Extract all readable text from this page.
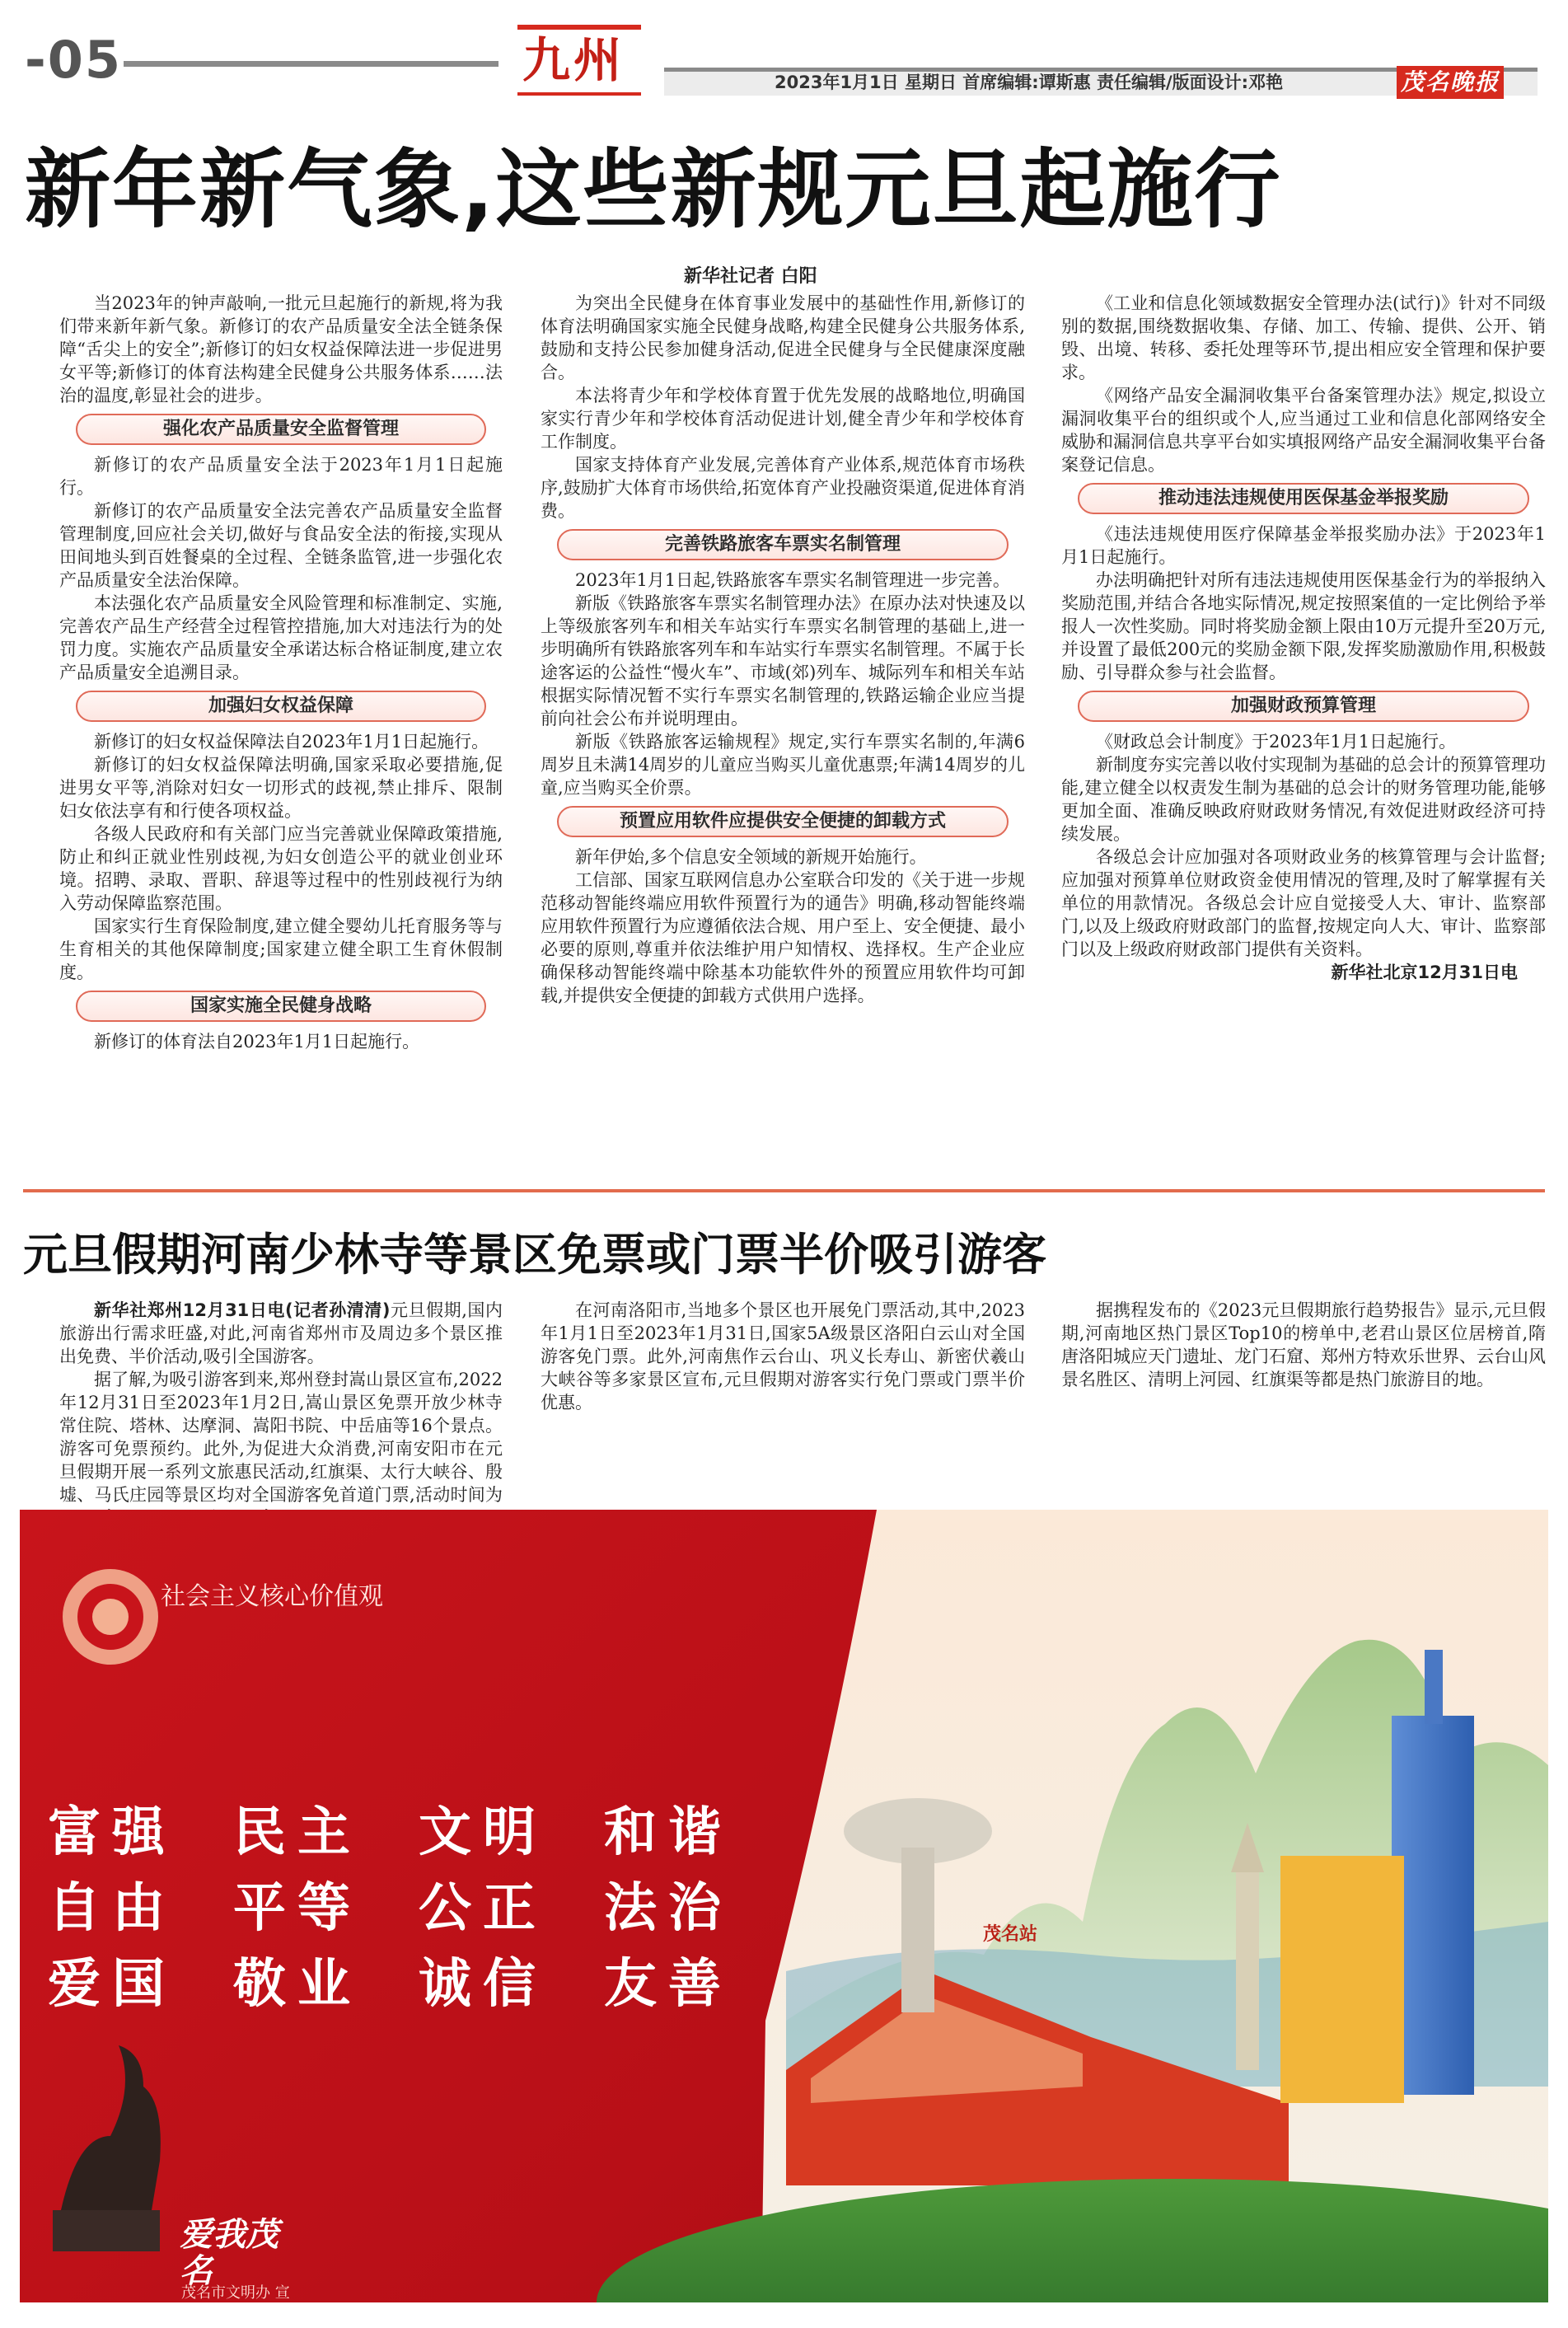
-05	九州	2023年1月1日 星期日 首席编辑:谭斯惠 责任编辑/版面设计:邓艳	茂名晚报
新年新气象,这些新规元旦起施行
新华社记者 白阳

当2023年的钟声敲响,一批元旦起施行的新规,将为我们带来新年新气象。新修订的农产品质量安全法全链条保障“舌尖上的安全”;新修订的妇女权益保障法进一步促进男女平等;新修订的体育法构建全民健身公共服务体系……法治的温度,彰显社会的进步。

强化农产品质量安全监督管理

新修订的农产品质量安全法于2023年1月1日起施行。

新修订的农产品质量安全法完善农产品质量安全监督管理制度,回应社会关切,做好与食品安全法的衔接,实现从田间地头到百姓餐桌的全过程、全链条监管,进一步强化农产品质量安全法治保障。

本法强化农产品质量安全风险管理和标准制定、实施,完善农产品生产经营全过程管控措施,加大对违法行为的处罚力度。实施农产品质量安全承诺达标合格证制度,建立农产品质量安全追溯目录。

加强妇女权益保障

新修订的妇女权益保障法自2023年1月1日起施行。

新修订的妇女权益保障法明确,国家采取必要措施,促进男女平等,消除对妇女一切形式的歧视,禁止排斥、限制妇女依法享有和行使各项权益。

各级人民政府和有关部门应当完善就业保障政策措施,防止和纠正就业性别歧视,为妇女创造公平的就业创业环境。招聘、录取、晋职、辞退等过程中的性别歧视行为纳入劳动保障监察范围。

国家实行生育保险制度,建立健全婴幼儿托育服务等与生育相关的其他保障制度;国家建立健全职工生育休假制度。

国家实施全民健身战略

新修订的体育法自2023年1月1日起施行。

为突出全民健身在体育事业发展中的基础性作用,新修订的体育法明确国家实施全民健身战略,构建全民健身公共服务体系,鼓励和支持公民参加健身活动,促进全民健身与全民健康深度融合。

本法将青少年和学校体育置于优先发展的战略地位,明确国家实行青少年和学校体育活动促进计划,健全青少年和学校体育工作制度。

国家支持体育产业发展,完善体育产业体系,规范体育市场秩序,鼓励扩大体育市场供给,拓宽体育产业投融资渠道,促进体育消费。

完善铁路旅客车票实名制管理

2023年1月1日起,铁路旅客车票实名制管理进一步完善。

新版《铁路旅客车票实名制管理办法》在原办法对快速及以上等级旅客列车和相关车站实行车票实名制管理的基础上,进一步明确所有铁路旅客列车和车站实行车票实名制管理。不属于长途客运的公益性“慢火车”、市域(郊)列车、城际列车和相关车站根据实际情况暂不实行车票实名制管理的,铁路运输企业应当提前向社会公布并说明理由。

新版《铁路旅客运输规程》规定,实行车票实名制的,年满6周岁且未满14周岁的儿童应当购买儿童优惠票;年满14周岁的儿童,应当购买全价票。

预置应用软件应提供安全便捷的卸载方式

新年伊始,多个信息安全领域的新规开始施行。

工信部、国家互联网信息办公室联合印发的《关于进一步规范移动智能终端应用软件预置行为的通告》明确,移动智能终端应用软件预置行为应遵循依法合规、用户至上、安全便捷、最小必要的原则,尊重并依法维护用户知情权、选择权。生产企业应确保移动智能终端中除基本功能软件外的预置应用软件均可卸载,并提供安全便捷的卸载方式供用户选择。

《工业和信息化领域数据安全管理办法(试行)》针对不同级别的数据,围绕数据收集、存储、加工、传输、提供、公开、销毁、出境、转移、委托处理等环节,提出相应安全管理和保护要求。

《网络产品安全漏洞收集平台备案管理办法》规定,拟设立漏洞收集平台的组织或个人,应当通过工业和信息化部网络安全威胁和漏洞信息共享平台如实填报网络产品安全漏洞收集平台备案登记信息。

推动违法违规使用医保基金举报奖励

《违法违规使用医疗保障基金举报奖励办法》于2023年1月1日起施行。

办法明确把针对所有违法违规使用医保基金行为的举报纳入奖励范围,并结合各地实际情况,规定按照案值的一定比例给予举报人一次性奖励。同时将奖励金额上限由10万元提升至20万元,并设置了最低200元的奖励金额下限,发挥奖励激励作用,积极鼓励、引导群众参与社会监督。

加强财政预算管理

《财政总会计制度》于2023年1月1日起施行。

新制度夯实完善以收付实现制为基础的总会计的预算管理功能,建立健全以权责发生制为基础的总会计的财务管理功能,能够更加全面、准确反映政府财政财务情况,有效促进财政经济可持续发展。

各级总会计应加强对各项财政业务的核算管理与会计监督;应加强对预算单位财政资金使用情况的管理,及时了解掌握有关单位的用款情况。各级总会计应自觉接受人大、审计、监察部门,以及上级政府财政部门的监督,按规定向人大、审计、监察部门以及上级政府财政部门提供有关资料。

新华社北京12月31日电

元旦假期河南少林寺等景区免票或门票半价吸引游客

新华社郑州12月31日电(记者孙清清)元旦假期,国内旅游出行需求旺盛,对此,河南省郑州市及周边多个景区推出免费、半价活动,吸引全国游客。

据了解,为吸引游客到来,郑州登封嵩山景区宣布,2022年12月31日至2023年1月2日,嵩山景区免票开放少林寺常住院、塔林、达摩洞、嵩阳书院、中岳庙等16个景点。游客可免票预约。此外,为促进大众消费,河南安阳市在元旦假期开展一系列文旅惠民活动,红旗渠、太行大峡谷、殷墟、马氏庄园等景区均对全国游客免首道门票,活动时间为

在河南洛阳市,当地多个景区也开展免门票活动,其中,2023年1月1日至2023年1月31日,国家5A级景区洛阳白云山对全国游客免门票。此外,河南焦作云台山、巩义长寿山、新密伏羲山大峡谷等多家景区宣布,元旦假期对游客实行免门票或门票半价优惠。

据携程发布的《2023元旦假期旅行趋势报告》显示,元旦假期,河南地区热门景区Top10的榜单中,老君山景区位居榜首,隋唐洛阳城应天门遗址、龙门石窟、郑州方特欢乐世界、云台山风景名胜区、清明上河园、红旗渠等都是热门旅游目的地。

社会主义核心价值观
茂名站
富强	民主	文明	和谐
自由	平等	公正	法治
爱国	敬业	诚信	友善
爱我茂名
茂名市文明办 宣
